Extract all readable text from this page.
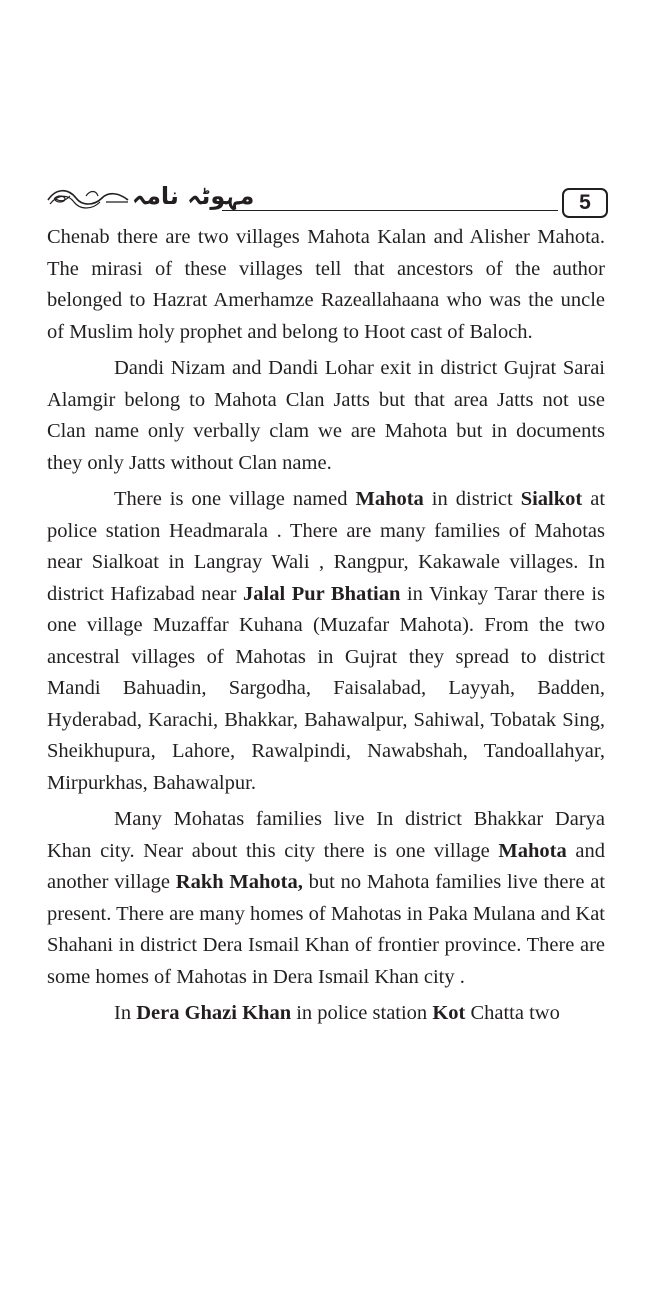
مہوٹہ نامہ	5

Chenab there are two villages Mahota Kalan and Alisher Mahota. The mirasi of these villages tell that ancestors of the author belonged to Hazrat Amerhamze Razeallahaana who was the uncle of Muslim holy prophet and belong to Hoot cast of Baloch.

Dandi Nizam and Dandi Lohar exit in district Gujrat Sarai Alamgir belong to Mahota Clan Jatts but that area Jatts not use Clan name only verbally clam we are Mahota but in documents they only Jatts without Clan name.

There is one village named Mahota in district Sialkot at police station Headmarala . There are many families of Mahotas near Sialkoat in Langray Wali , Rangpur, Kakawale villages. In district Hafizabad near Jalal Pur Bhatian in Vinkay Tarar there is one village Muzaffar Kuhana (Muzafar Mahota). From the two ancestral villages of Mahotas in Gujrat they spread to district Mandi Bahuadin, Sargodha, Faisalabad, Layyah, Badden, Hyderabad, Karachi, Bhakkar, Bahawalpur, Sahiwal, Tobatak Sing, Sheikhupura, Lahore, Rawalpindi, Nawabshah, Tandoallahyar, Mirpurkhas, Bahawalpur.

Many Mohatas families live In district Bhakkar Darya Khan city. Near about this city there is one village Mahota and another village Rakh Mahota, but no Mahota families live there at present. There are many homes of Mahotas in Paka Mulana and Kat Shahani in district Dera Ismail Khan of frontier province. There are some homes of Mahotas in Dera Ismail Khan city .

In Dera Ghazi Khan in police station Kot Chatta two
